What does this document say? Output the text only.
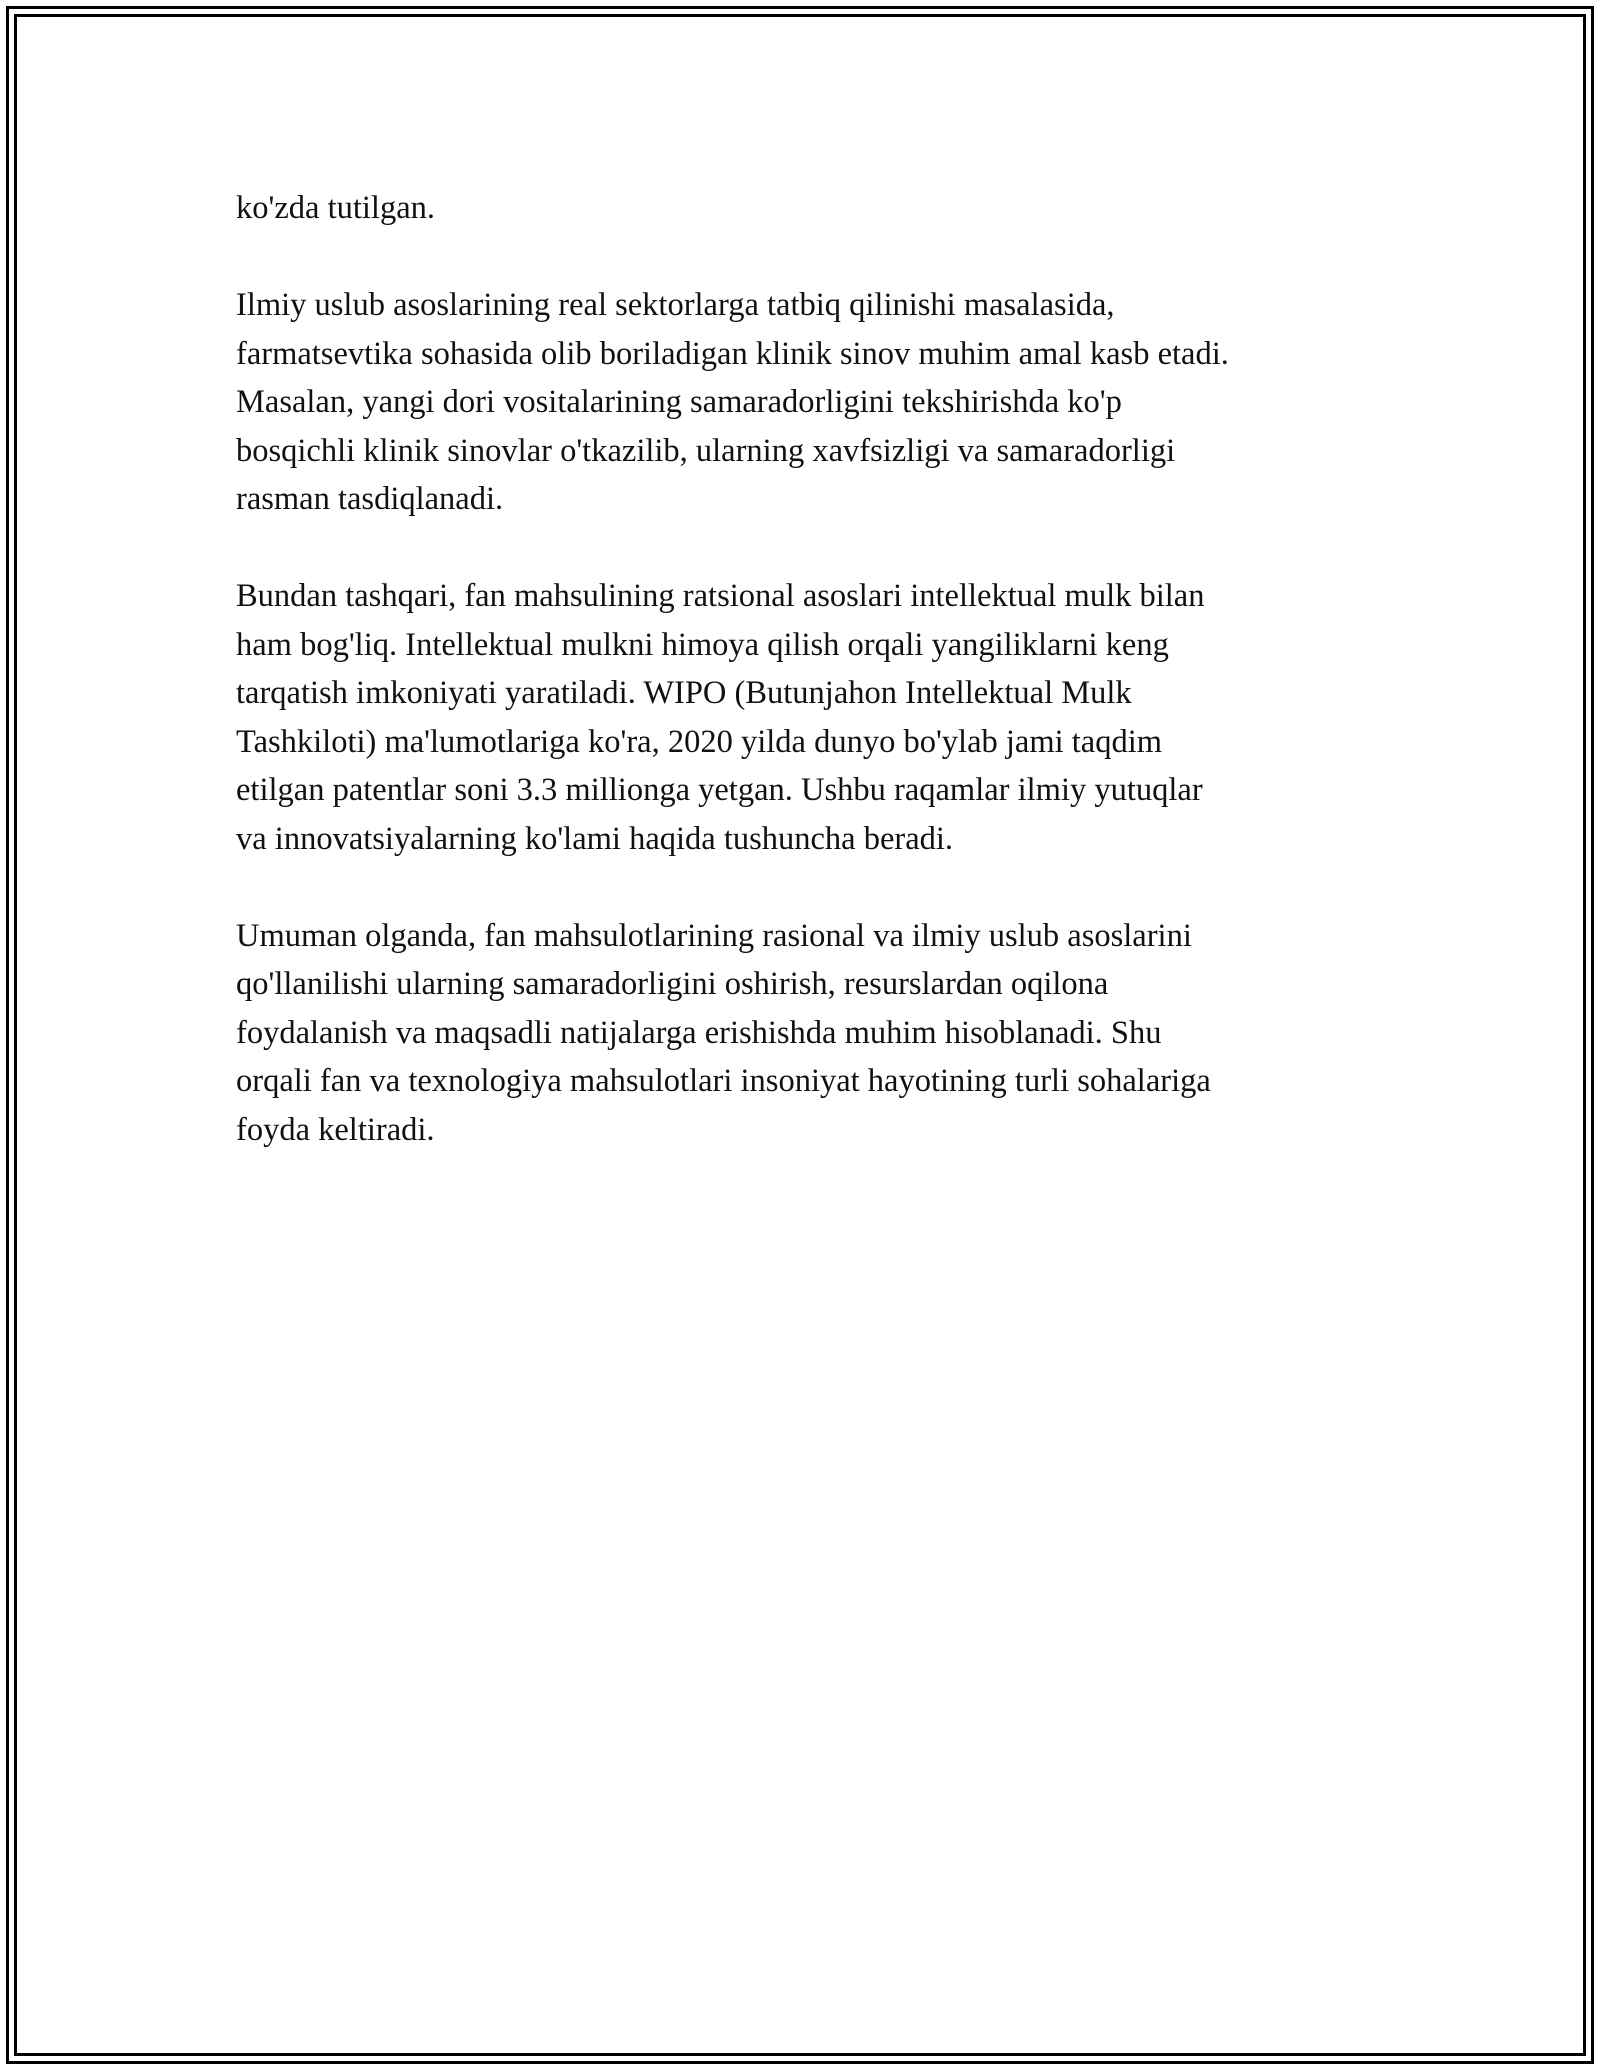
ko'zda tutilgan.

Ilmiy uslub asoslarining real sektorlarga tatbiq qilinishi masalasida,
farmatsevtika sohasida olib boriladigan klinik sinov muhim amal kasb etadi.
Masalan, yangi dori vositalarining samaradorligini tekshirishda ko'p
bosqichli klinik sinovlar o'tkazilib, ularning xavfsizligi va samaradorligi
rasman tasdiqlanadi.

Bundan tashqari, fan mahsulining ratsional asoslari intellektual mulk bilan
ham bog'liq. Intellektual mulkni himoya qilish orqali yangiliklarni keng
tarqatish imkoniyati yaratiladi. WIPO (Butunjahon Intellektual Mulk
Tashkiloti) ma'lumotlariga ko'ra, 2020 yilda dunyo bo'ylab jami taqdim
etilgan patentlar soni 3.3 millionga yetgan. Ushbu raqamlar ilmiy yutuqlar
va innovatsiyalarning ko'lami haqida tushuncha beradi.

Umuman olganda, fan mahsulotlarining rasional va ilmiy uslub asoslarini
qo'llanilishi ularning samaradorligini oshirish, resurslardan oqilona
foydalanish va maqsadli natijalarga erishishda muhim hisoblanadi. Shu
orqali fan va texnologiya mahsulotlari insoniyat hayotining turli sohalariga
foyda keltiradi.
